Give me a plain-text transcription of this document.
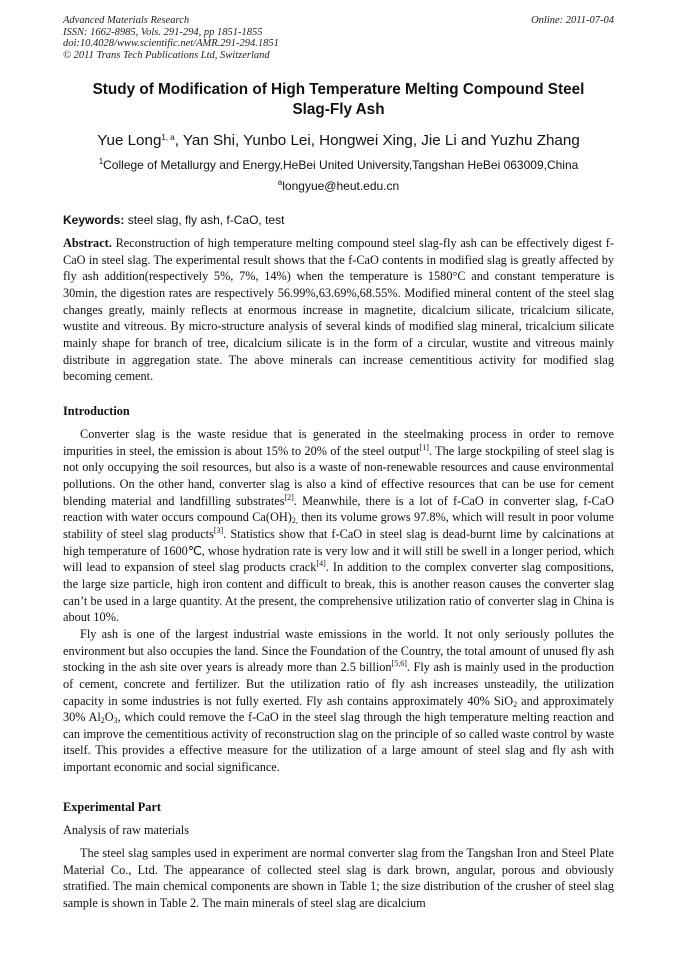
Advanced Materials Research
ISSN: 1662-8985, Vols. 291-294, pp 1851-1855
doi:10.4028/www.scientific.net/AMR.291-294.1851
© 2011 Trans Tech Publications Ltd, Switzerland
Online: 2011-07-04
Study of Modification of High Temperature Melting Compound Steel
Slag-Fly Ash
Yue Long$^{1, a}$, Yan Shi, Yunbo Lei, Hongwei Xing, Jie Li and Yuzhu Zhang
$^1$College of Metallurgy and Energy,HeBei United University,Tangshan HeBei 063009,China
$^a$longyue@heut.edu.cn
Keywords: steel slag, fly ash, f-CaO, test

Abstract. Reconstruction of high temperature melting compound steel slag-fly ash can be effectively digest f-CaO in steel slag. The experimental result shows that the f-CaO contents in modified slag is greatly affected by fly ash addition(respectively 5%, 7%, 14%) when the temperature is 1580°C and constant temperature is 30min, the digestion rates are respectively 56.99%,63.69%,68.55%. Modified mineral content of the steel slag changes greatly, mainly reflects at enormous increase in magnetite, dicalcium silicate, tricalcium silicate, wustite and vitreous. By micro-structure analysis of several kinds of modified slag mineral, tricalcium silicate mainly shape for branch of tree, dicalcium silicate is in the form of a circular, wustite and vitreous mainly distribute in aggregation state. The above minerals can increase cementitious activity for modified slag becoming cement.

Introduction

Converter slag is the waste residue that is generated in the steelmaking process in order to remove impurities in steel, the emission is about 15% to 20% of the steel output[1]. The large stockpiling of steel slag is not only occupying the soil resources, but also is a waste of non-renewable resources and cause environmental pollutions. On the other hand, converter slag is also a kind of effective resources that can be use for cement blending material and landfilling substrates[2]. Meanwhile, there is a lot of f-CaO in converter slag, f-CaO reaction with water occurs compound $Ca(OH)_{2,}$ then its volume grows 97.8%, which will result in poor volume stability of steel slag products[3]. Statistics show that f-CaO in steel slag is dead-burnt lime by calcinations at high temperature of 1600℃, whose hydration rate is very low and it will still be swell in a longer period, which will lead to expansion of steel slag products crack[4]. In addition to the complex converter slag compositions, the large size particle, high iron content and difficult to break, this is another reason causes the converter slag can’t be used in a large quantity. At the present, the comprehensive utilization ratio of converter slag in China is about 10%.

Fly ash is one of the largest industrial waste emissions in the world. It not only seriously pollutes the environment but also occupies the land. Since the Foundation of the Country, the total amount of unused fly ash stocking in the ash site over years is already more than 2.5 billion[5,6]. Fly ash is mainly used in the production of cement, concrete and fertilizer. But the utilization ratio of fly ash increases unsteadily, the utilization capacity in some industries is not fully exerted. Fly ash contains approximately 40% SiO$_2$ and approximately 30% $Al_2O_3$, which could remove the f-CaO in the steel slag through the high temperature melting reaction and can improve the cementitious activity of reconstruction slag on the principle of so called waste control by waste itself. This provides a effective measure for the utilization of a large amount of steel slag and fly ash with important economic and social significance.

Experimental Part
Analysis of raw materials

The steel slag samples used in experiment are normal converter slag from the Tangshan Iron and Steel Plate Material Co., Ltd. The appearance of collected steel slag is dark brown, angular, porous and obviously stratified. The main chemical components are shown in Table 1; the size distribution of the crusher of steel slag sample is shown in Table 2. The main minerals of steel slag are dicalcium
